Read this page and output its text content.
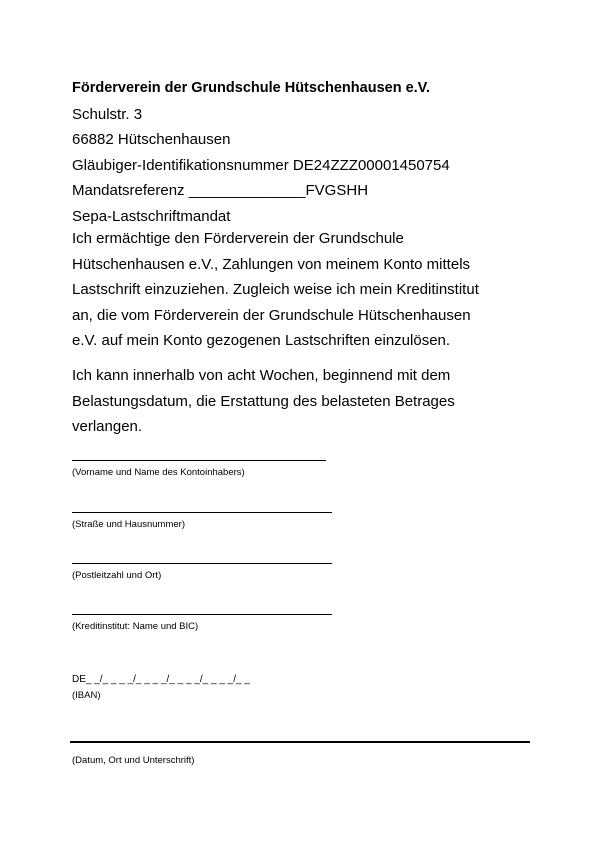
Förderverein der Grundschule Hütschenhausen e.V.
Schulstr. 3
66882 Hütschenhausen
Gläubiger-Identifikationsnummer DE24ZZZ00001450754
Mandatsreferenz ______________FVGSHH
Sepa-Lastschriftmandat
Ich ermächtige den Förderverein der Grundschule
Hütschenhausen e.V., Zahlungen von meinem Konto mittels
Lastschrift einzuziehen. Zugleich weise ich mein Kreditinstitut
an, die vom Förderverein der Grundschule Hütschenhausen
e.V. auf mein Konto gezogenen Lastschriften einzulösen.
Ich kann innerhalb von acht Wochen, beginnend mit dem
Belastungsdatum, die Erstattung des belasteten Betrages
verlangen.
(Vorname und Name des Kontoinhabers)
(Straße und Hausnummer)
(Postleitzahl und Ort)
(Kreditinstitut: Name und BIC)
DE_ _/_ _ _ _/_ _ _ _/_ _ _ _/_ _ _ _/_ _
(IBAN)
(Datum, Ort und Unterschrift)
